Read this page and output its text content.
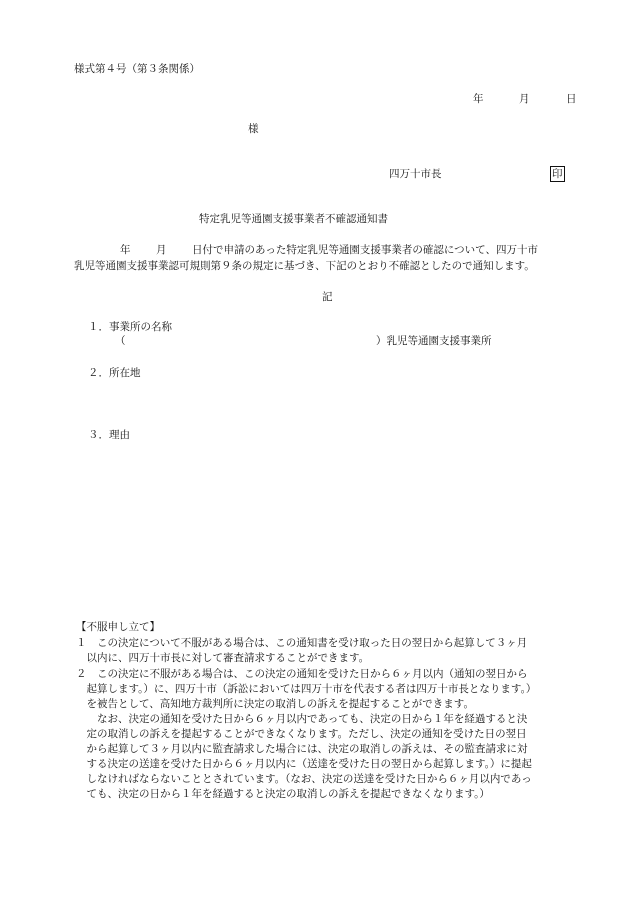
様式第４号（第３条関係）
年	月	日
様
四万十市長	印
特定乳児等通園支援事業者不確認通知書
年 月 日付で申請のあった特定乳児等通園支援事業者の確認について、四万十市
乳児等通園支援事業認可規則第９条の規定に基づき、下記のとおり不確認としたので通知します。
記
１．事業所の名称
（	）乳児等通園支援事業所
２．所在地
３．理由
【不服申し立て】
１　この決定について不服がある場合は、この通知書を受け取った日の翌日から起算して３ヶ月
　以内に、四万十市長に対して審査請求することができます。
２　この決定に不服がある場合は、この決定の通知を受けた日から６ヶ月以内（通知の翌日から
　起算します。）に、四万十市（訴訟においては四万十市を代表する者は四万十市長となります。）
　を被告として、高知地方裁判所に決定の取消しの訴えを提起することができます。
　　なお、決定の通知を受けた日から６ヶ月以内であっても、決定の日から１年を経過すると決
　定の取消しの訴えを提起することができなくなります。ただし、決定の通知を受けた日の翌日
　から起算して３ヶ月以内に監査請求した場合には、決定の取消しの訴えは、その監査請求に対
　する決定の送達を受けた日から６ヶ月以内に（送達を受けた日の翌日から起算します。）に提起
　しなければならないこととされています。（なお、決定の送達を受けた日から６ヶ月以内であっ
　ても、決定の日から１年を経過すると決定の取消しの訴えを提起できなくなります。）
